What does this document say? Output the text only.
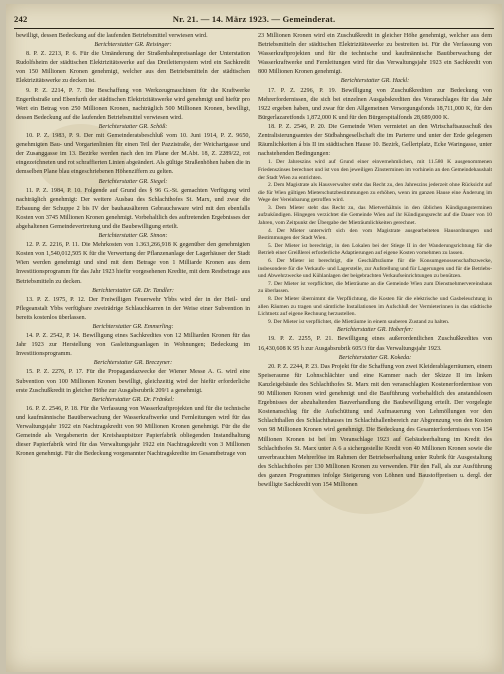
242	Nr. 21. — 14. März 1923. — Gemeinderat.

bewilligt, dessen Bedeckung auf die laufenden Betriebsmittel verwiesen wird.

Berichterstatter GR. Reisinger:

8. P. Z. 2213, P. 6. Für die Umänderung der Straßenbahnpreisanlage der Unterstation Rudolfsheim der städtischen Elektrizitätswerke auf das Dreileitersystem wird ein Sachkredit von 150 Millionen Kronen genehmigt, welcher aus den Betriebsmitteln der städtischen Elektrizitätswerke zu decken ist.

9. P. Z. 2214, P. 7. Die Beschaffung von Werkzeugmaschinen für die Kraftwerke Engerthstraße und Ebenfurth der städtischen Elektrizitätswerke wird genehmigt und hiefür pro Wert ein Betrag von 250 Millionen Kronen, nachträglich 500 Millionen Kronen, bewilligt, dessen Bedeckung auf die laufenden Betriebsmittel verwiesen wird.

Berichterstatter GR. Schöß:

10. P. Z. 1983, P. 9. Der mit Gemeinderatsbeschluß vom 10. Juni 1914, P. Z. 9650, genehmigten Bau- und Vorgartenlinien für einen Teil der Pazzistraße, der Weichartgasse und der Zusanggasse im 13. Bezirke werden nach den im Plane der M.Abt. 18, Z. 2289/22, rot eingezeichneten und rot schraffierten Linien abgeändert. Als gültige Straßenhöhen haben die in demselben Plane blau eingeschriebenen Höhenziffern zu gelten.

Berichterstatter GR. Siegel:

11. P. Z. 1984, P. 10. Folgende auf Grund des § 96 G.-St. gemachten Verfügung wird nachträglich genehmigt: Der weitere Ausbau des Schlachthofes St. Marx, und zwar die Erbauung der Schuppe 2 bis IV der bauhausälteren Gebrauchsware wird mit den ebenfalls Kosten von 3745 Millionen Kronen genehmigt. Vorbehaltlich des auftretenden Ergebnisses der abgehaltenen Gemeindevertretung und die Baubewilligung erteilt.

Berichterstatter GR. Simon:

12. P. Z. 2216, P. 11. Die Mehrkosten von 1.363,266,918 K gegenüber den genehmigten Kosten von 1,540,012,505 K für die Verwertung der Pflanzenanlage der Lagerhäuser der Stadt Wien werden genehmigt und sind mit dem Betrage von 1 Milliarde Kronen aus dem Investitionsprogramm für das Jahr 1923 hiefür vorgesehenen Kredite, mit dem Restbetrage aus Betriebsmitteln zu decken.

Berichterstatter GR. Dr. Tandler:

13. P. Z. 1975, P. 12. Der Freiwilligen Feuerwehr Ybbs wird der in der Heil- und Pflegeanstalt Ybbs verfügbare zweirädrige Schlauchkarren in der Weise einer Subvention in bereits kostenlos überlassen.

Berichterstatter GR. Emmerling:

14. P. Z. 2542, P. 14. Bewilligung eines Sachkredites von 12 Milliarden Kronen für das Jahr 1923 zur Herstellung von Gasleitungsanlagen in Wohnungen; Bedeckung im Investitionsprogramm.

Berichterstatter GR. Breczyner:

15. P. Z. 2276, P. 17. Für die Propagandazwecke der Wiener Messe A. G. wird eine Subvention von 100 Millionen Kronen bewilligt, gleichzeitig wird der hiefür erforderliche erste Zuschußkredit in gleicher Höhe zur Ausgabsrubrik 209/1 a genehmigt.

Berichterstatter GR. Dr. Fränkel:

16. P. Z. 2546, P. 18. Für die Verfassung von Wasserkraftprojekten und für die technische und kaufmännische Bauüberwachung der Wasserkraftwerke und Fernleitungen wird für das Verwaltungsjahr 1922 ein Nachtragskredit von 90 Millionen Kronen genehmigt. Für die die Gemeinde als Vergabenerin der Kreishauptsitzer Papierfabrik obliegenden Instandhaltung dieser Papierfabrik wird für das Verwaltungsjahr 1922 ein Nachtragskredit von 3 Millionen Kronen genehmigt. Für die Bedeckung vorgenannter Nachtragskredite im Gesamtbetrage von

23 Millionen Kronen wird ein Zuschußkredit in gleicher Höhe genehmigt, welcher aus dem Betriebsmitteln der städtischen Elektrizitätswerke zu bestreiten ist. Für die Verfassung von Wasserkraftprojekten und für die technische und kaufmännische Bauüberwachung der Wasserkraftwerke und Fernleitungen wird für das Verwaltungsjahr 1923 ein Sachkredit von 800 Millionen Kronen genehmigt.

Berichterstatter GR. Hackl:

17. P. Z. 2296, P. 19. Bewilligung von Zuschußkrediten zur Bedeckung von Mehrerfordernissen, die sich bei einzelnen Ausgabskrediten des Voranschlages für das Jahr 1922 ergeben haben, und zwar für den Allgemeinen Versorgungsfonds 18,711,000 K, für den Bürgerlazaretfonds 1,872,000 K und für den Bürgerspitalfonds 28,689,000 K.

18. P. Z. 2546, P. 20. Die Gemeinde Wien vermietet an den Wirtschaftsausschuß des Zentralisierungsamtes der Südbahngesellschaft die im Parterre und unter der Erde gelegenen Räumlichkeiten á bis II im städtischen Hause 10. Bezirk, Gellertplatz, Ecke Waringasse, unter nachstehenden Bedingungen:

1. Der Jahreszins wird auf Grund einer einvernehmlichen, mit 11.580 K ausgenommenen Friedenszinses berechnet und ist von den jeweiligen Zinsterminen im vorhinein an den Gemeindehaushalt der Stadt Wien zu entrichten.

2. Dem Magistrate als Hausverwalter steht das Recht zu, den Jahreszins jederzeit ohne Rücksicht auf die für Wien gültigen Mieterschutzbestimmungen zu erhöhen, wenn im ganzen Hause eine Änderung im Wege der Vereinbarung getroffen wird.

3. Dem Mieter steht das Recht zu, das Mietverhältnis in den üblichen Kündigungsterminen aufzukündigen. Hingegen verzichtet die Gemeinde Wien auf ihr Kündigungsrecht auf die Dauer von 10 Jahren, vom Zeitpunkt der Übergabe der Mieträumlichkeiten gerechnet.

4. Der Mieter unterwirft sich den vom Magistrate ausgearbeiteten Hausordnungen und Bestimmungen der Stadt Wien.

5. Der Mieter ist berechtigt, in den Lokalen bei der Stiege II in der Wanderungsrichtung für die Betrieb einer Greißlerei erforderliche Adaptierungen auf eigene Kosten vornehmen zu lassen.

6. Der Mieter ist berechtigt, die Geschäftsräume für die Konsumgenossenschaftszwecke, insbesondere für die Verkaufs- und Lagerstelle, zur Aufstellung und für Lagerungen und für die Betriebs- und Abwehrzwecke und Kühlanlagen der beigebrachten Verkaufseinrichtungen zu benützen.

7. Der Mieter ist verpflichtet, die Mieträume an die Gemeinde Wien zum Dienstnehmervereinshaus zu überlassen.

8. Der Mieter übernimmt die Verpflichtung, die Kosten für die elektrische und Gasbeleuchtung in allen Räumen zu tragen und sämtliche Installationen im Aufschluß der Vermieterinnen in das städtische Lichtnetz auf eigene Rechnung herzustellen.

9. Der Mieter ist verpflichtet, die Mieträume in einem sauberen Zustand zu halten.

Berichterstatter GR. Hoberfer:

19. P. Z. 2255, P. 21. Bewilligung eines außerordentlichen Zuschußkredites von 16,430,608 K 95 h zur Ausgabsrubrik 605/3 für das Verwaltungsjahr 1923.

Berichterstatter GR. Kokeda:

20. P. Z. 2244, P. 23. Das Projekt für die Schaffung von zwei Kleiderablagerräumen, einem Speiseraume für Lohnschlächter und eine Kammer nach der Skizze II im linken Kanzleigebäude des Schlachthofes St. Marx mit den veranschlagten Kostenerfordernisse von 90 Millionen Kronen wird genehmigt und die Bauführung vorbehaltlich des anstandslosen Ergebnisses der abzuhaltenden Bauverhandlung die Baubewilligung erteilt. Der vorgelegte Kostenanschlag für die Aufschüttung und Aufmauerung von Lehmöllungen vor den Schlachthallen des Schlachthauses im Schlachthallenbereich zur Abgrenzung von den Kosten von 98 Millionen Kronen wird genehmigt. Die Bedeckung des Gesamterfordernisses von 154 Millionen Kronen ist bei im Voranschlage 1923 auf Gebäudeerhaltung im Kredit des Schlachthofes St. Marx unter A 6 a sichergestellte Kredit von 40 Millionen Kronen sowie die unverbrauchten Mehrerlöse im Rahmen der Betriebserhaltung unter Rubrik für Ausgestaltung des Schlachthofes per 130 Millionen Kronen zu verwenden. Für den Fall, als zur Ausführung des ganzen Programmes infolge Steigerung von Löhnen und Baustoffpreisen u. dergl. der bewilligte Sachkredit von 154 Millionen
